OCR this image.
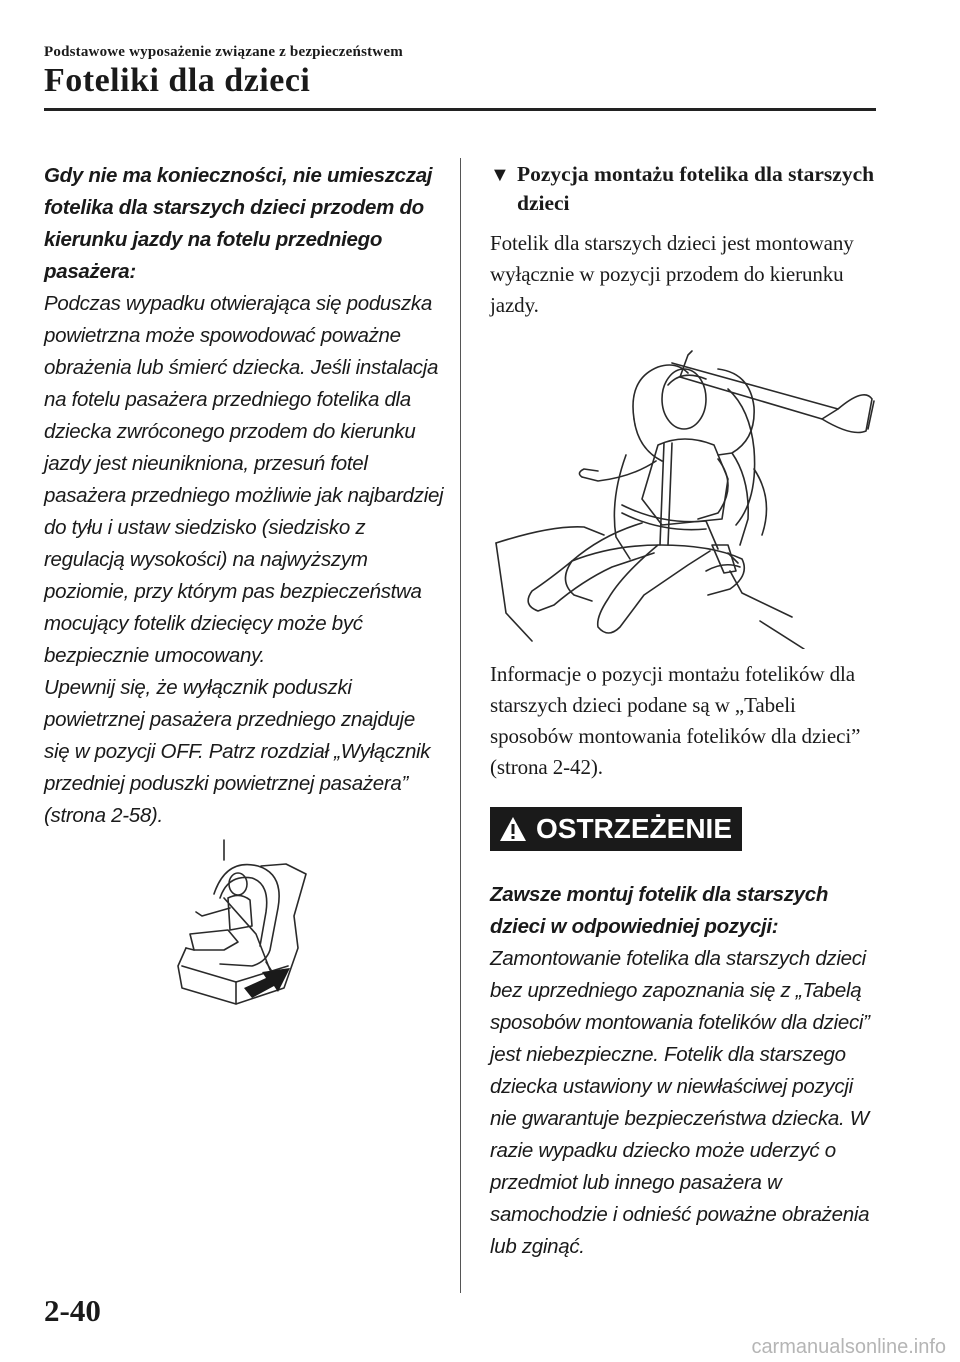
Podstawowe wyposażenie związane z bezpieczeństwem
Foteliki dla dzieci
Gdy nie ma konieczności, nie umieszczaj fotelika dla starszych dzieci przodem do kierunku jazdy na fotelu przedniego pasażera:
Podczas wypadku otwierająca się poduszka powietrzna może spowodować poważne obrażenia lub śmierć dziecka. Jeśli instalacja na fotelu pasażera przedniego fotelika dla dziecka zwróconego przodem do kierunku jazdy jest nieunikniona, przesuń fotel pasażera przedniego możliwie jak najbardziej do tyłu i ustaw siedzisko (siedzisko z regulacją wysokości) na najwyższym poziomie, przy którym pas bezpieczeństwa mocujący fotelik dziecięcy może być bezpiecznie umocowany.
Upewnij się, że wyłącznik poduszki powietrznej pasażera przedniego znajduje się w pozycji OFF. Patrz rozdział „Wyłącznik przedniej poduszki powietrznej pasażera” (strona 2-58).
▼ Pozycja montażu fotelika dla starszych dzieci
Fotelik dla starszych dzieci jest montowany wyłącznie w pozycji przodem do kierunku jazdy.
Informacje o pozycji montażu fotelików dla starszych dzieci podane są w „Tabeli sposobów montowania fotelików dla dzieci” (strona 2-42).
OSTRZEŻENIE
Zawsze montuj fotelik dla starszych dzieci w odpowiedniej pozycji:
Zamontowanie fotelika dla starszych dzieci bez uprzedniego zapoznania się z „Tabelą sposobów montowania fotelików dla dzieci” jest niebezpieczne. Fotelik dla starszego dziecka ustawiony w niewłaściwej pozycji nie gwarantuje bezpieczeństwa dziecka. W razie wypadku dziecko może uderzyć o przedmiot lub innego pasażera w samochodzie i odnieść poważne obrażenia lub zginąć.
2-40
carmanualsonline.info
